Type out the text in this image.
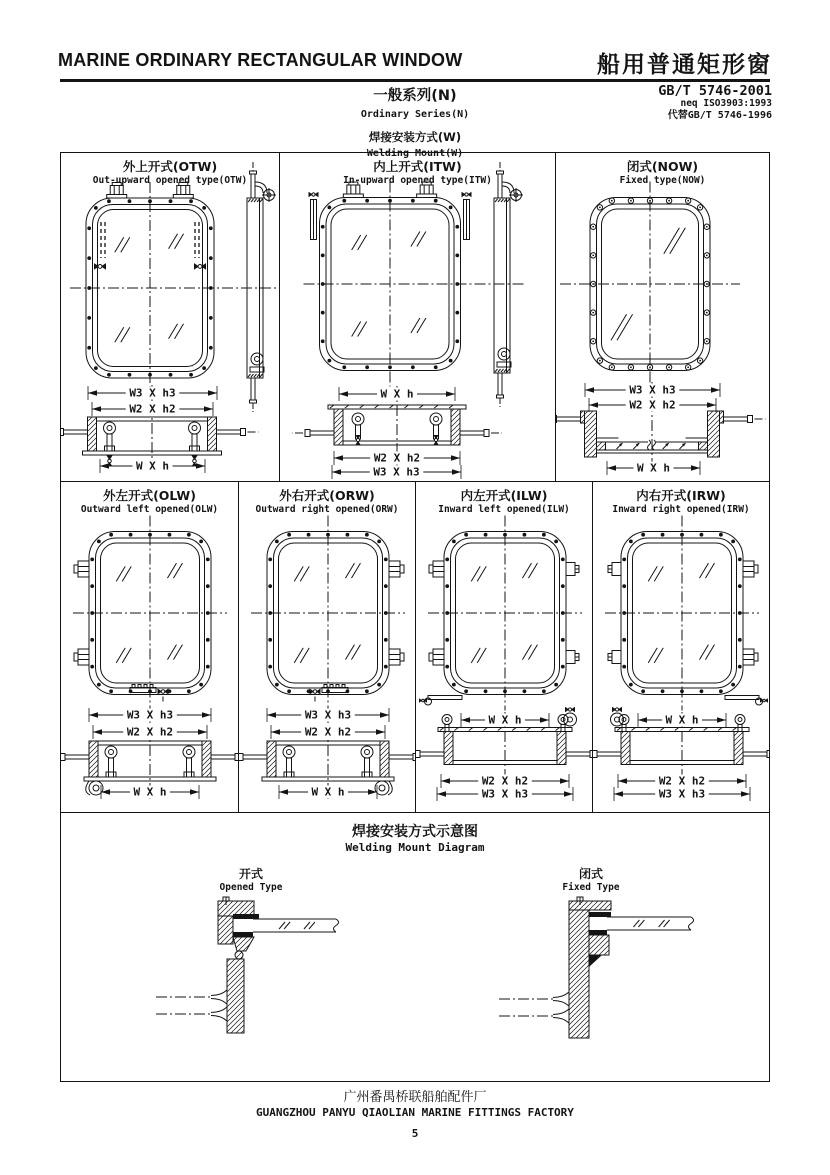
MARINE ORDINARY RECTANGULAR WINDOW	船用普通矩形窗
GB/T 5746-2001
neq ISO3903:1993
代替GB/T 5746-1996
一般系列(N)
Ordinary Series(N)
焊接安装方式(W)
Welding Mount(W)
外上开式(OTW)
Out-upward opened type(OTW)
W3 X h3
W2 X h2
W X h
内上开式(ITW)
In-upward opened type(ITW)
W X h
W2 X h2
W3 X h3
闭式(NOW)
Fixed type(NOW)
W3 X h3
W2 X h2
W X h
外左开式(OLW)
Outward left opened(OLW)
W3 X h3
W2 X h2
W X h
外右开式(ORW)
Outward right opened(ORW)
W3 X h3
W2 X h2
W X h
内左开式(ILW)
Inward left opened(ILW)
W X h
W2 X h2
W3 X h3
内右开式(IRW)
Inward right opened(IRW)
W X h
W2 X h2
W3 X h3
焊接安装方式示意图
Welding Mount Diagram
开式
Opened Type
闭式
Fixed Type
广州番禺桥联船舶配件厂
GUANGZHOU PANYU QIAOLIAN MARINE FITTINGS FACTORY
5
